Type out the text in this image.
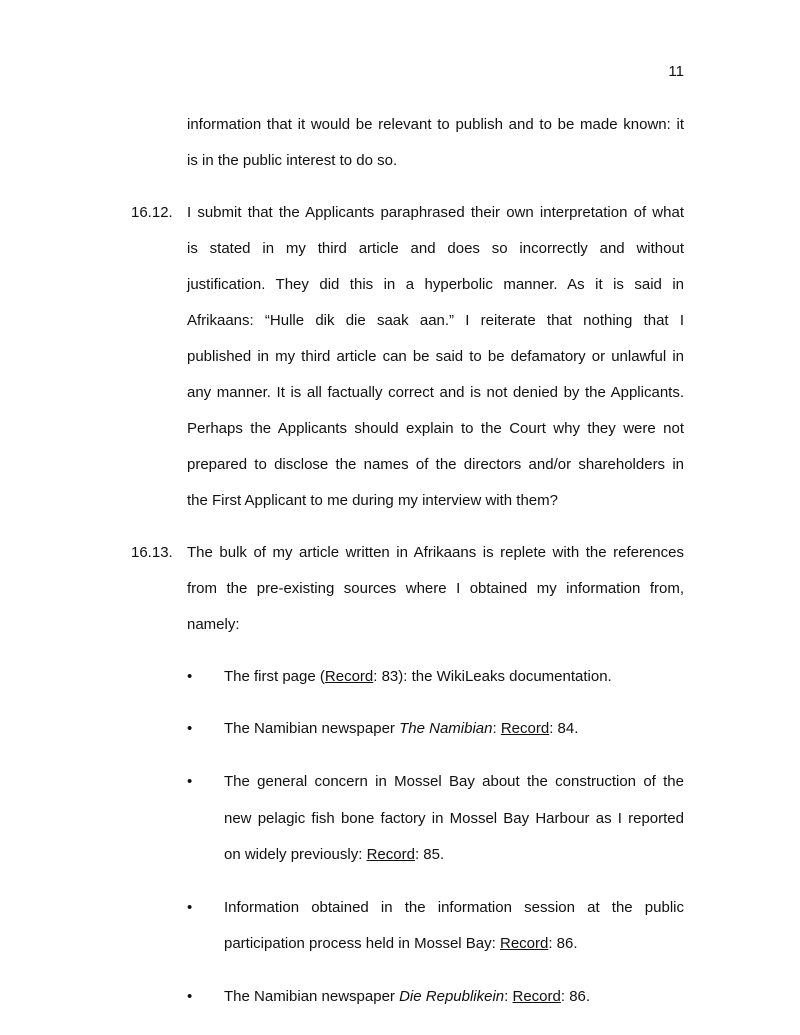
11
information that it would be relevant to publish and to be made known: it
is in the public interest to do so.
16.12. I submit that the Applicants paraphrased their own interpretation of what
is stated in my third article and does so incorrectly and without
justification. They did this in a hyperbolic manner. As it is said in
Afrikaans: “Hulle dik die saak aan.” I reiterate that nothing that I
published in my third article can be said to be defamatory or unlawful in
any manner. It is all factually correct and is not denied by the Applicants.
Perhaps the Applicants should explain to the Court why they were not
prepared to disclose the names of the directors and/or shareholders in
the First Applicant to me during my interview with them?
16.13. The bulk of my article written in Afrikaans is replete with the references
from the pre-existing sources where I obtained my information from,
namely:
• The first page (Record: 83): the WikiLeaks documentation.
• The Namibian newspaper The Namibian: Record: 84.
• The general concern in Mossel Bay about the construction of the
new pelagic fish bone factory in Mossel Bay Harbour as I reported
on widely previously: Record: 85.
• Information obtained in the information session at the public
participation process held in Mossel Bay: Record: 86.
• The Namibian newspaper Die Republikein: Record: 86.
